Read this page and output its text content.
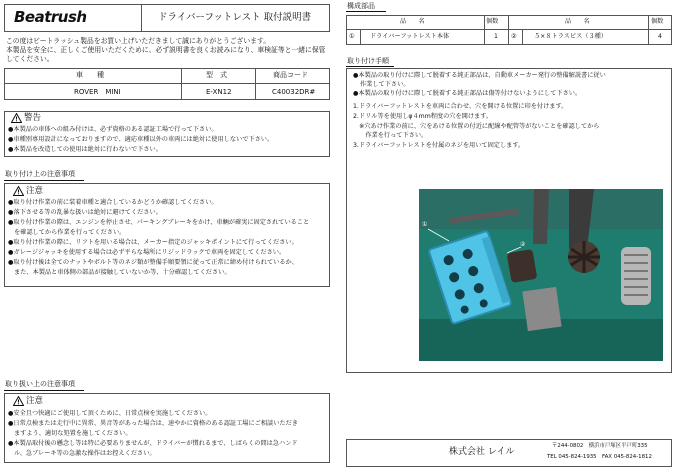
Beatrush	ドライバーフットレスト 取付説明書
この度はビートラッシュ製品をお買い上げいただきまして誠にありがとうございます。
本製品を安全に、正しくご使用いただくために、必ず説明書を良くお読みになり、車検証等と一緒に保管
してください。
車　　種	型　式	商品コード
ROVER　MINI	E-XN12	C40032DR#
警告
●本製品の車体への組み付けは、必ず資格のある認証工場で行って下さい。
●車種別専用設計になっておりますので、適応車種以外の車両には絶対に使用しないで下さい。
●本製品を改造しての使用は絶対に行わないで下さい。
取り付け上の注意事項
注意
●取り付け作業の前に装着車種と適合しているかどうか確認してください。
●落下させる等の乱暴な扱いは絶対に避けてください。
●取り付け作業の際は、エンジンを停止させ、パーキングブレーキをかけ、車輌が確実に固定されていること
を確認してから作業を行ってください。
●取り付け作業の際に、リフトを用いる場合は、メーカー指定のジャッキポイントにて行ってください。
●ガレージジャッキを使用する場合は必ず平らな場所にリジッドラックで車両を固定してください。
●取り付け後は全てのナットやボルト等のネジ類が整備手順要領に従って正常に締め付けられているか、
また、本製品と車体側の部品が接触していないか等、十分確認してください。
取り扱い上の注意事項
注意
●安全且つ快適にご使用して頂くために、日常点検を実施してください。
●日常点検または走行中に異常、異音等があった場合は、速やかに資格のある認証工場にご相談いただき
ますよう、適切な処置を施してください。
●本製品取付後の懸念し等は特に必要ありませんが、ドライバーが慣れるまで、しばらくの間は急ハンド
ル、急ブレーキ等の急激な操作はお控えください。
構成部品
品　　名	個数	品　　名	個数
① ドライバーフットレスト本体	1 ②	５×８トラスビス（３種）	4
取り付け手順
●本製品の取り付けに際して脱着する純正部品は、自動車メーカー発行の整備解説書に従い
作業して下さい。
●本製品の取り付けに際して脱着する純正部品は傷等付けないようにして下さい。
1.ドライバーフットレストを車両に合わせ、穴を開ける位置に印を付けます。
2.ドリル等を使用しφ４mm程度の穴を開けます。
　※穴あけ作業の前に、穴をあける位置の付近に配線や配管等がないことを確認してから
　　作業を行って下さい。
3.ドライバーフットレストを付属のネジを用いて固定します。
①
②
株式会社 レイル
〒244-0802　横浜市戸塚区平戸町335
TEL 045-824-1935　FAX 045-824-1812
